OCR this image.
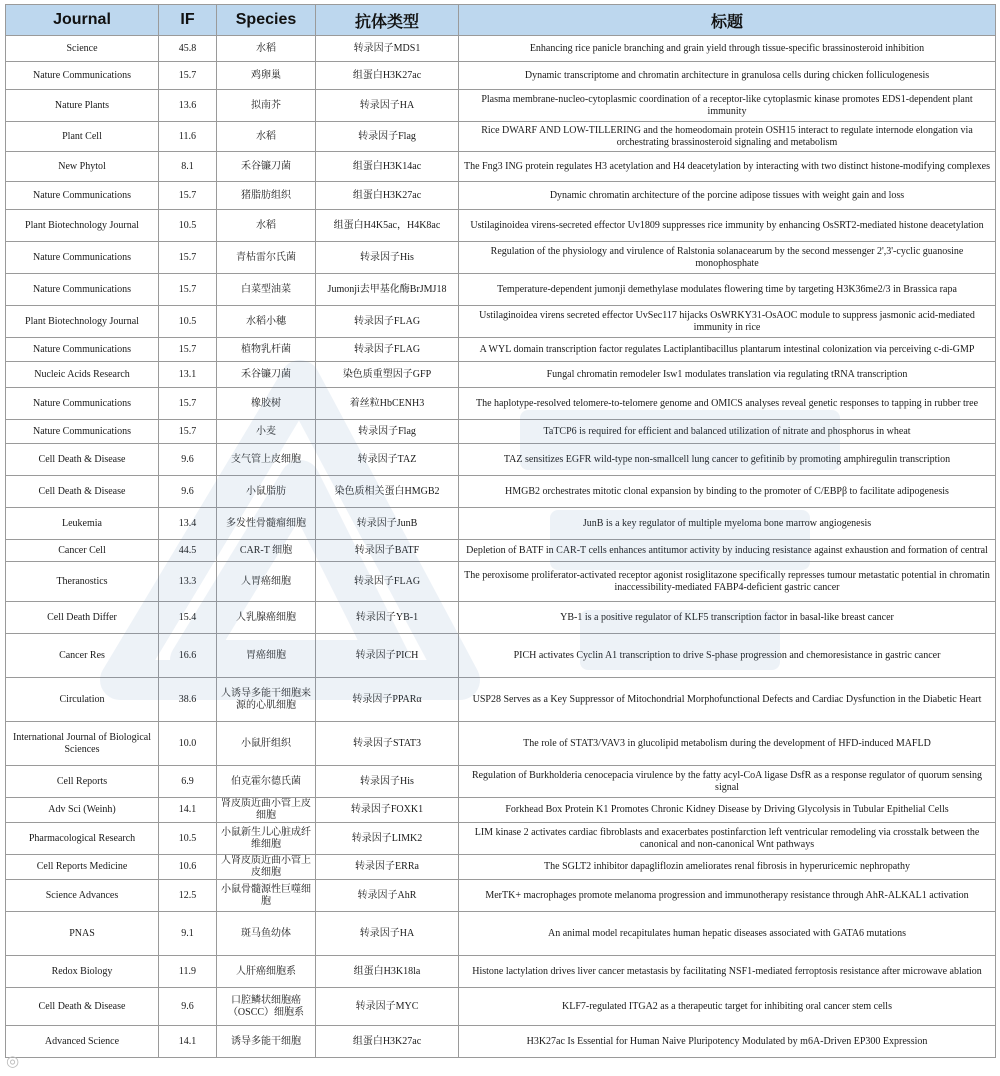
Journal	IF	Species	抗体类型	标题
Science	45.8	水稻	转录因子MDS1	Enhancing rice panicle branching and grain yield through tissue-specific brassinosteroid inhibition
Nature Communications	15.7	鸡卵巢	组蛋白H3K27ac	Dynamic transcriptome and chromatin architecture in granulosa cells during chicken folliculogenesis
Nature Plants	13.6	拟南芥	转录因子HA	Plasma membrane-nucleo-cytoplasmic coordination of a receptor-like cytoplasmic kinase promotes EDS1-dependent plant immunity
Plant Cell	11.6	水稻	转录因子Flag	Rice DWARF AND LOW-TILLERING and the homeodomain protein OSH15 interact to regulate internode elongation via orchestrating brassinosteroid signaling and metabolism
New Phytol	8.1	禾谷镰刀菌	组蛋白H3K14ac	The Fng3 ING protein regulates H3 acetylation and H4 deacetylation by interacting with two distinct histone-modifying complexes
Nature Communications	15.7	猪脂肪组织	组蛋白H3K27ac	Dynamic chromatin architecture of the porcine adipose tissues with weight gain and loss
Plant Biotechnology Journal	10.5	水稻	组蛋白H4K5ac，H4K8ac	Ustilaginoidea virens-secreted effector Uv1809 suppresses rice immunity by enhancing OsSRT2-mediated histone deacetylation
Nature Communications	15.7	青枯雷尔氏菌	转录因子His	Regulation of the physiology and virulence of Ralstonia solanacearum by the second messenger 2',3'-cyclic guanosine monophosphate
Nature Communications	15.7	白菜型油菜	Jumonji去甲基化酶BrJMJ18	Temperature-dependent jumonji demethylase modulates flowering time by targeting H3K36me2/3 in Brassica rapa
Plant Biotechnology Journal	10.5	水稻小穗	转录因子FLAG	Ustilaginoidea virens secreted effector UvSec117 hijacks OsWRKY31-OsAOC module to suppress jasmonic acid-mediated immunity in rice
Nature Communications	15.7	植物乳杆菌	转录因子FLAG	A WYL domain transcription factor regulates Lactiplantibacillus plantarum intestinal colonization via perceiving c-di-GMP
Nucleic Acids Research	13.1	禾谷镰刀菌	染色质重塑因子GFP	Fungal chromatin remodeler Isw1 modulates translation via regulating tRNA transcription
Nature Communications	15.7	橡胶树	着丝粒HbCENH3	The haplotype-resolved telomere-to-telomere genome and OMICS analyses reveal genetic responses to tapping in rubber tree
Nature Communications	15.7	小麦	转录因子Flag	TaTCP6 is required for efficient and balanced utilization of nitrate and phosphorus in wheat
Cell Death & Disease	9.6	支气管上皮细胞	转录因子TAZ	TAZ sensitizes EGFR wild-type non-smallcell lung cancer to gefitinib by promoting amphiregulin transcription
Cell Death & Disease	9.6	小鼠脂肪	染色质相关蛋白HMGB2	HMGB2 orchestrates mitotic clonal expansion by binding to the promoter of C/EBPβ to facilitate adipogenesis
Leukemia	13.4	多发性骨髓瘤细胞	转录因子JunB	JunB is a key regulator of multiple myeloma bone marrow angiogenesis
Cancer Cell	44.5	CAR-T 细胞	转录因子BATF	Depletion of BATF in CAR-T cells enhances antitumor activity by inducing resistance against exhaustion and formation of central
Theranostics	13.3	人胃癌细胞	转录因子FLAG	The peroxisome proliferator-activated receptor agonist rosiglitazone specifically represses tumour metastatic potential in chromatin inaccessibility-mediated FABP4-deficient gastric cancer
Cell Death Differ	15.4	人乳腺癌细胞	转录因子YB-1	YB-1 is a positive regulator of KLF5 transcription factor in basal-like breast cancer
Cancer Res	16.6	胃癌细胞	转录因子PICH	PICH activates Cyclin A1 transcription to drive S-phase progression and chemoresistance in gastric cancer
Circulation	38.6	人诱导多能干细胞来源的心肌细胞	转录因子PPARα	USP28 Serves as a Key Suppressor of Mitochondrial Morphofunctional Defects and Cardiac Dysfunction in the Diabetic Heart
International Journal of Biological Sciences	10.0	小鼠肝组织	转录因子STAT3	The role of STAT3/VAV3 in glucolipid metabolism during the development of HFD-induced MAFLD
Cell Reports	6.9	伯克霍尔德氏菌	转录因子His	Regulation of Burkholderia cenocepacia virulence by the fatty acyl-CoA ligase DsfR as a response regulator of quorum sensing signal
Adv Sci (Weinh)	14.1	肾皮质近曲小管上皮细胞	转录因子FOXK1	Forkhead Box Protein K1 Promotes Chronic Kidney Disease by Driving Glycolysis in Tubular Epithelial Cells
Pharmacological Research	10.5	小鼠新生儿心脏成纤维细胞	转录因子LIMK2	LIM kinase 2 activates cardiac fibroblasts and exacerbates postinfarction left ventricular remodeling via crosstalk between the canonical and non-canonical Wnt pathways
Cell Reports Medicine	10.6	人肾皮质近曲小管上皮细胞	转录因子ERRa	The SGLT2 inhibitor dapagliflozin ameliorates renal fibrosis in hyperuricemic nephropathy
Science Advances	12.5	小鼠骨髓源性巨噬细胞	转录因子AhR	MerTK+ macrophages promote melanoma progression and immunotherapy resistance through AhR-ALKAL1 activation
PNAS	9.1	斑马鱼幼体	转录因子HA	An animal model recapitulates human hepatic diseases associated with GATA6 mutations
Redox Biology	11.9	人肝癌细胞系	组蛋白H3K18la	Histone lactylation drives liver cancer metastasis by facilitating NSF1-mediated ferroptosis resistance after microwave ablation
Cell Death & Disease	9.6	口腔鳞状细胞癌（OSCC）细胞系	转录因子MYC	KLF7-regulated ITGA2 as a therapeutic target for inhibiting oral cancer stem cells
Advanced Science	14.1	诱导多能干细胞	组蛋白H3K27ac	H3K27ac Is Essential for Human Naive Pluripotency Modulated by m6A-Driven EP300 Expression
◎
